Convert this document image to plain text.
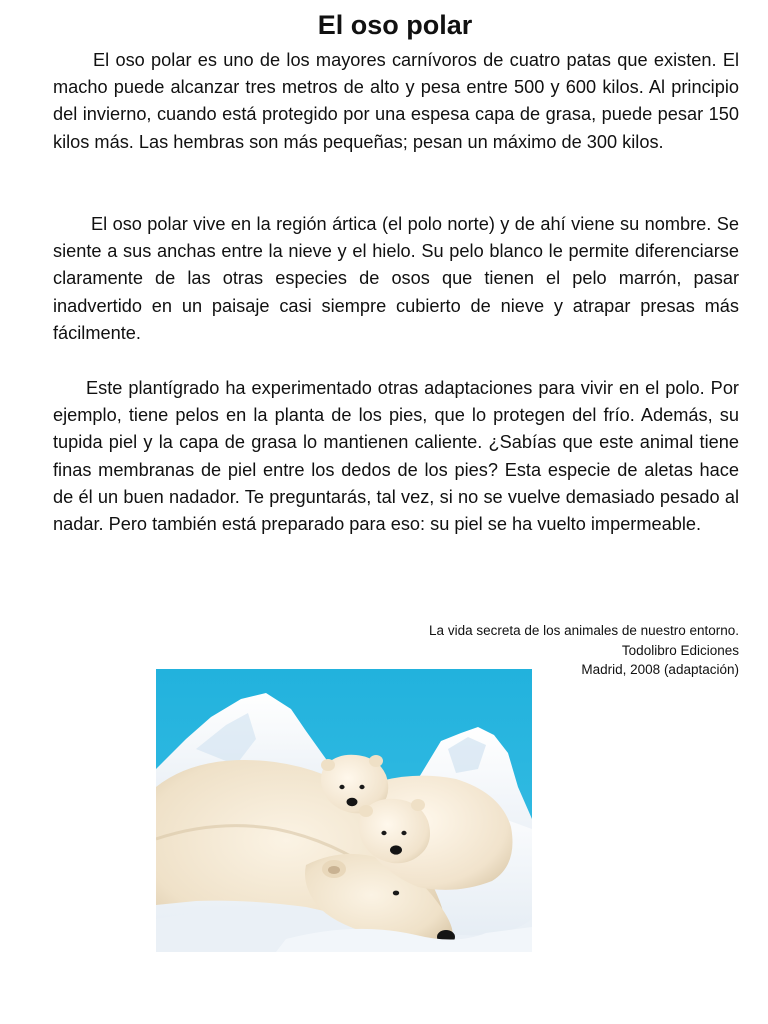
El oso polar

El oso polar es uno de los mayores carnívoros de cuatro patas que existen. El macho puede alcanzar tres metros de alto y pesa entre 500 y 600 kilos. Al principio del invierno, cuando está protegido por una espesa capa de grasa, puede pesar 150 kilos más. Las hembras son más pequeñas; pesan un máximo de 300 kilos.

El oso polar vive en la región ártica (el polo norte) y de ahí viene su nombre. Se siente a sus anchas entre la nieve y el hielo. Su pelo blanco le permite diferenciarse claramente de las otras especies de osos que tienen el pelo marrón, pasar inadvertido en un paisaje casi siempre cubierto de nieve y atrapar presas más fácilmente.

Este plantígrado ha experimentado otras adaptaciones para vivir en el polo. Por ejemplo, tiene pelos en la planta de los pies, que lo protegen del frío. Además, su tupida piel y la capa de grasa lo mantienen caliente. ¿Sabías que este animal tiene finas membranas de piel entre los dedos de los pies? Esta especie de aletas hace de él un buen nadador. Te preguntarás, tal vez, si no se vuelve demasiado pesado al nadar. Pero también está preparado para eso: su piel se ha vuelto impermeable.

La vida secreta de los animales de nuestro entorno.
Todolibro Ediciones
Madrid, 2008 (adaptación)
